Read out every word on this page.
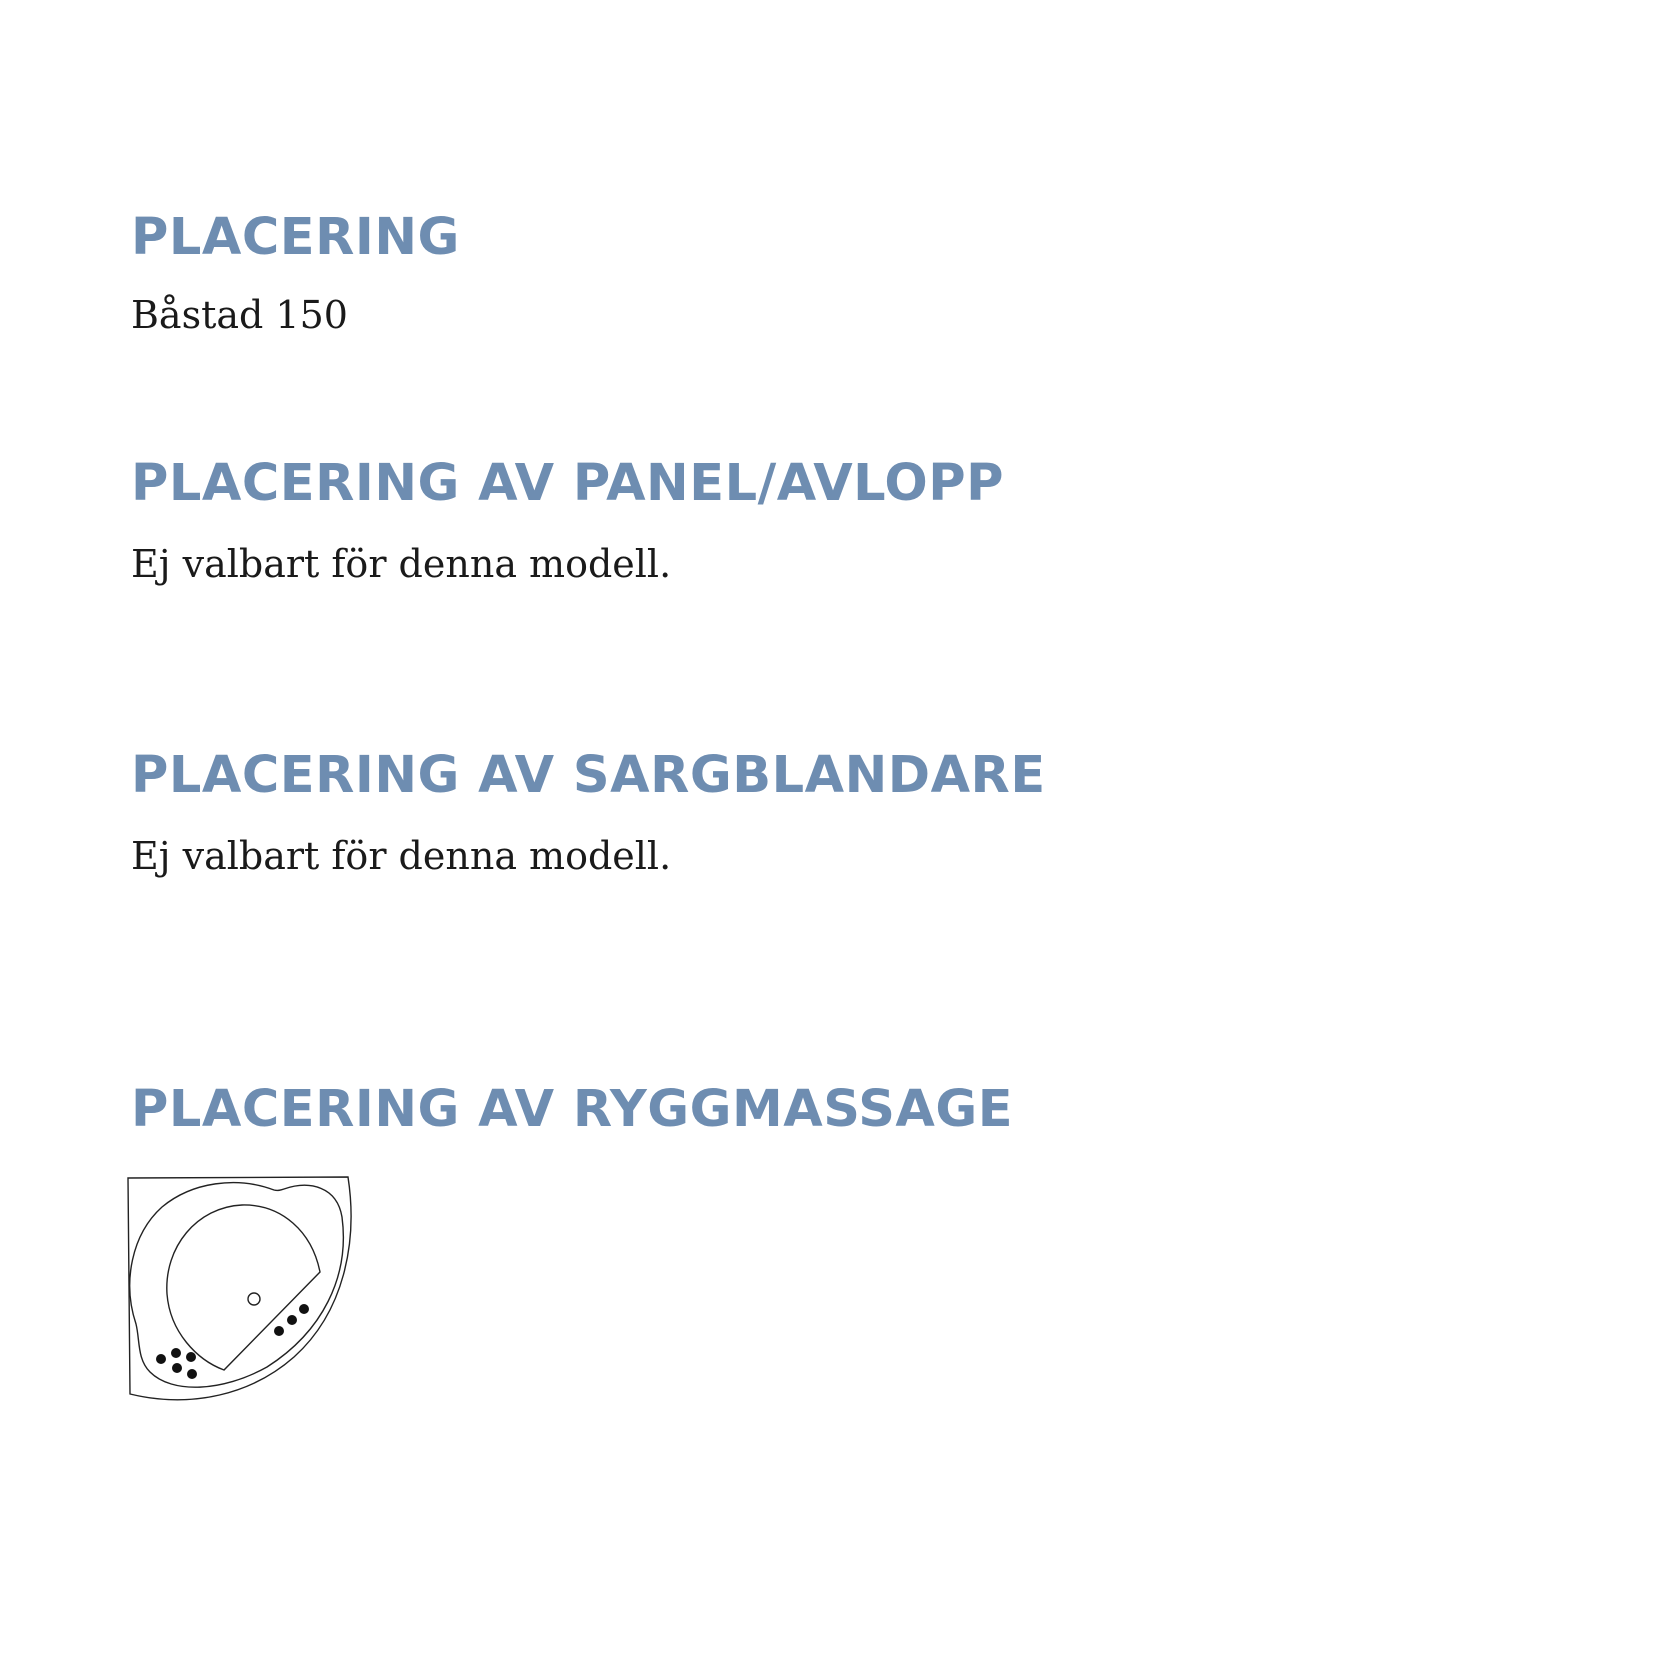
PLACERING

Båstad 150

PLACERING AV PANEL/AVLOPP

Ej valbart för denna modell.

PLACERING AV SARGBLANDARE

Ej valbart för denna modell.

PLACERING AV RYGGMASSAGE
